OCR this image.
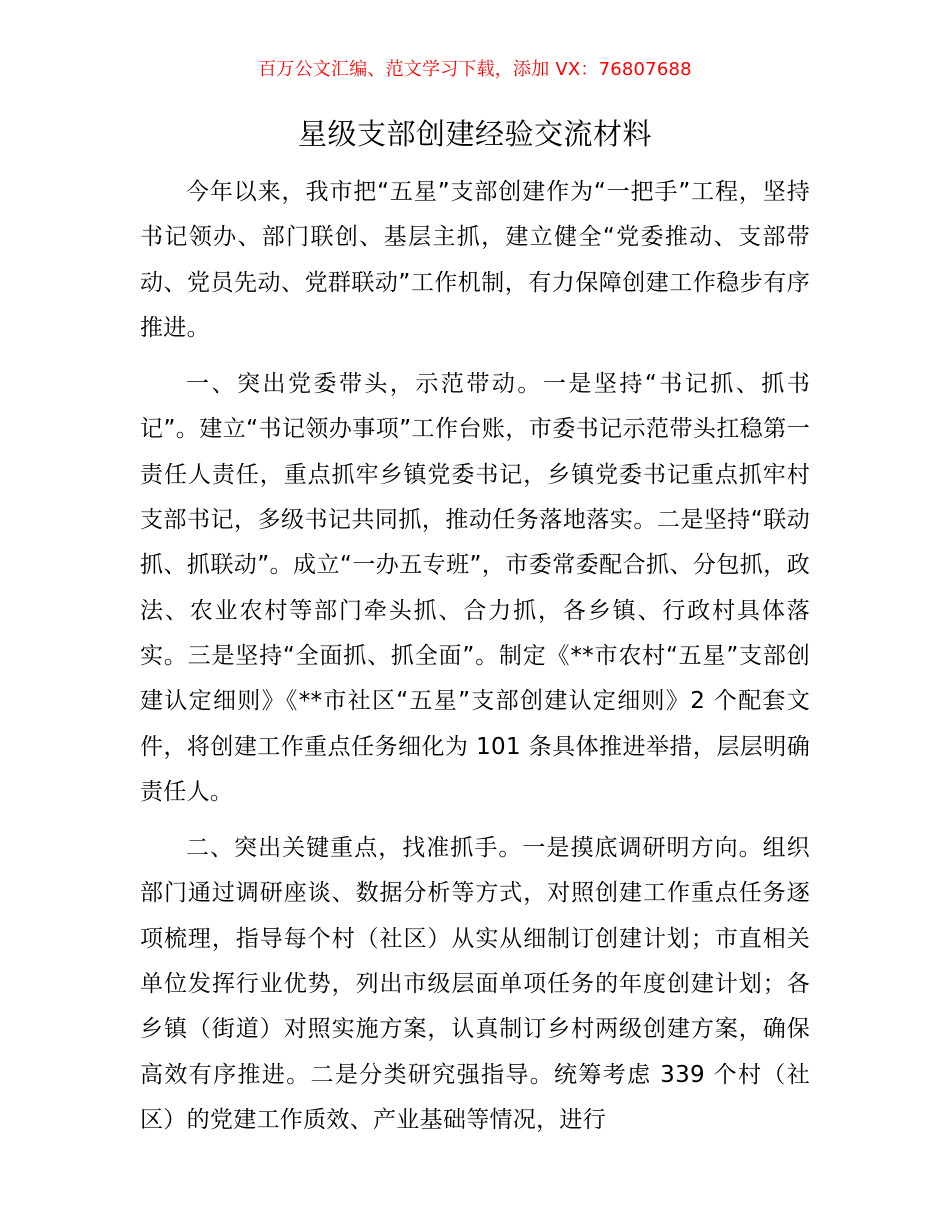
百万公文汇编、范文学习下载，添加 VX：76807688
星级支部创建经验交流材料

今年以来，我市把“五星”支部创建作为“一把手”工程，坚持书记领办、部门联创、基层主抓，建立健全“党委推动、支部带动、党员先动、党群联动”工作机制，有力保障创建工作稳步有序推进。

一、突出党委带头，示范带动。一是坚持“书记抓、抓书记”。建立“书记领办事项”工作台账，市委书记示范带头扛稳第一责任人责任，重点抓牢乡镇党委书记，乡镇党委书记重点抓牢村支部书记，多级书记共同抓，推动任务落地落实。二是坚持“联动抓、抓联动”。成立“一办五专班”，市委常委配合抓、分包抓，政法、农业农村等部门牵头抓、合力抓，各乡镇、行政村具体落实。三是坚持“全面抓、抓全面”。制定《**市农村“五星”支部创建认定细则》《**市社区“五星”支部创建认定细则》2 个配套文件，将创建工作重点任务细化为 101 条具体推进举措，层层明确责任人。

二、突出关键重点，找准抓手。一是摸底调研明方向。组织部门通过调研座谈、数据分析等方式，对照创建工作重点任务逐项梳理，指导每个村（社区）从实从细制订创建计划；市直相关单位发挥行业优势，列出市级层面单项任务的年度创建计划；各乡镇（街道）对照实施方案，认真制订乡村两级创建方案，确保高效有序推进。二是分类研究强指导。统筹考虑 339 个村（社区）的党建工作质效、产业基础等情况，进行
